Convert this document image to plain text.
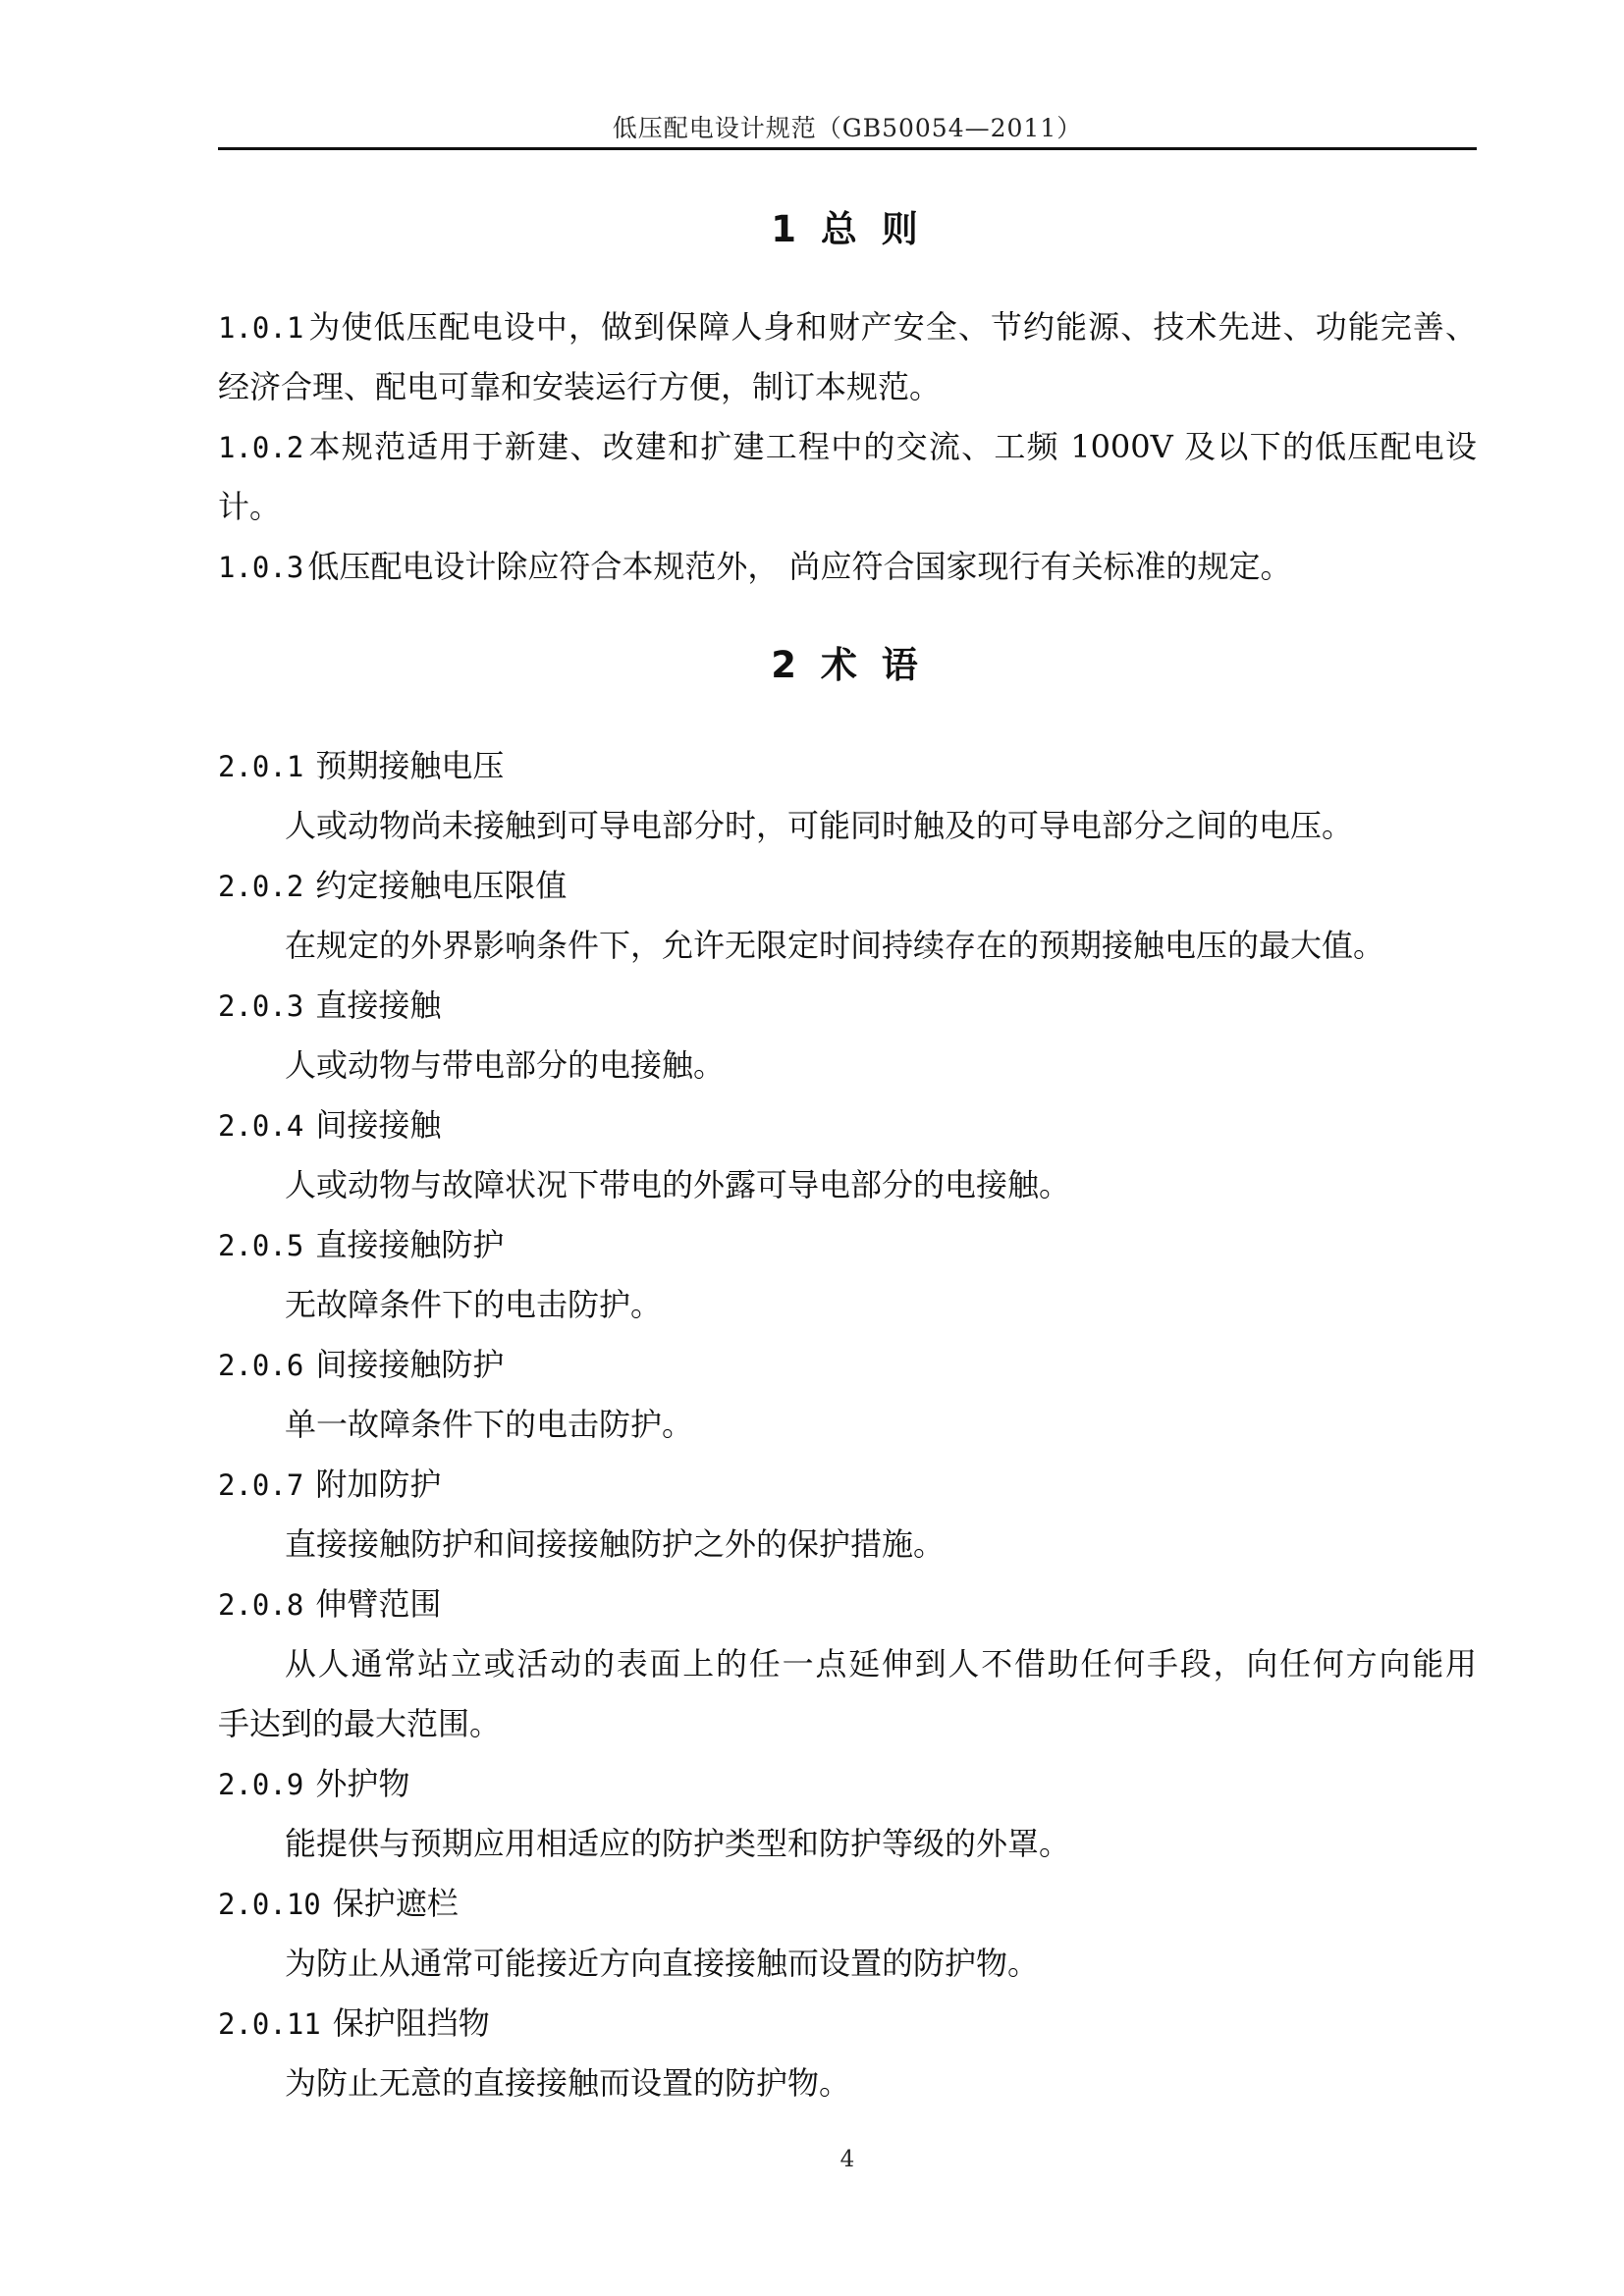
低压配电设计规范（GB50054—2011）
1 总 则
1.0.1 为使低压配电设中，做到保障人身和财产安全、节约能源、技术先进、功能完善、
经济合理、配电可靠和安装运行方便，制订本规范。
1.0.2 本规范适用于新建、改建和扩建工程中的交流、工频 1000V 及以下的低压配电设
计。
1.0.3 低压配电设计除应符合本规范外， 尚应符合国家现行有关标准的规定。
2 术 语
2.0.1 预期接触电压
人或动物尚未接触到可导电部分时，可能同时触及的可导电部分之间的电压。
2.0.2 约定接触电压限值
在规定的外界影响条件下，允许无限定时间持续存在的预期接触电压的最大值。
2.0.3 直接接触
人或动物与带电部分的电接触。
2.0.4 间接接触
人或动物与故障状况下带电的外露可导电部分的电接触。
2.0.5 直接接触防护
无故障条件下的电击防护。
2.0.6 间接接触防护
单一故障条件下的电击防护。
2.0.7 附加防护
直接接触防护和间接接触防护之外的保护措施。
2.0.8 伸臂范围
从人通常站立或活动的表面上的任一点延伸到人不借助任何手段，向任何方向能用
手达到的最大范围。
2.0.9 外护物
能提供与预期应用相适应的防护类型和防护等级的外罩。
2.0.10 保护遮栏
为防止从通常可能接近方向直接接触而设置的防护物。
2.0.11 保护阻挡物
为防止无意的直接接触而设置的防护物。
4
